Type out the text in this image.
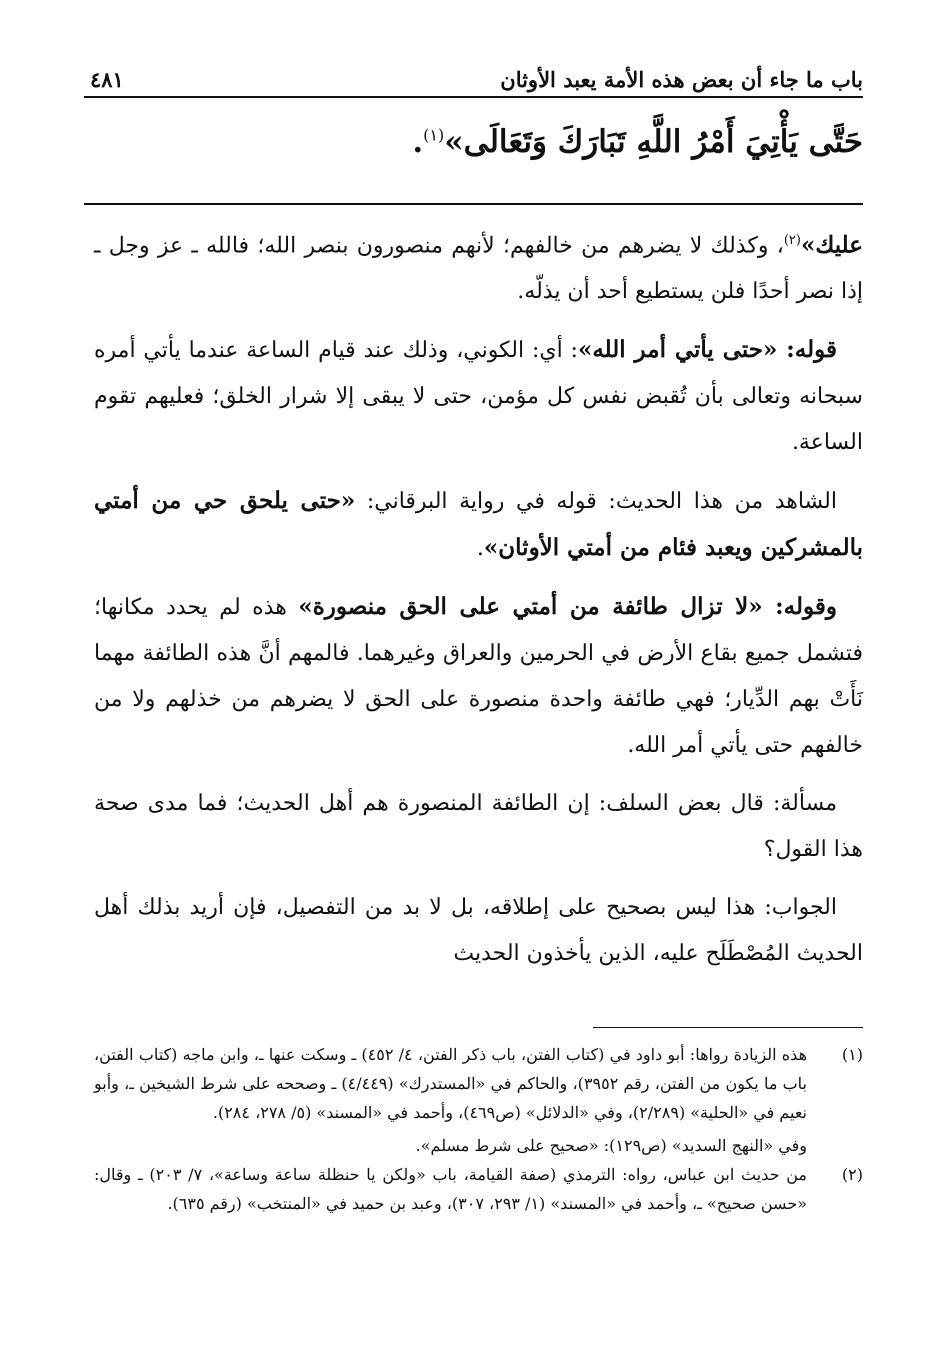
باب ما جاء أن بعض هذه الأمة يعبد الأوثان
٤٨١
حَتَّى يَأْتِيَ أَمْرُ اللَّهِ تَبَارَكَ وَتَعَالَى»$^{(١)}$.

عليك»$^{(٢)}$، وكذلك لا يضرهم من خالفهم؛ لأنهم منصورون بنصر الله؛ فالله ـ عز وجل ـ إذا نصر أحدًا فلن يستطيع أحد أن يذلّه.

قوله: «حتى يأتي أمر الله»: أي: الكوني، وذلك عند قيام الساعة عندما يأتي أمره سبحانه وتعالى بأن تُقبض نفس كل مؤمن، حتى لا يبقى إلا شرار الخلق؛ فعليهم تقوم الساعة.

الشاهد من هذا الحديث: قوله في رواية البرقاني: «حتى يلحق حي من أمتي بالمشركين ويعبد فئام من أمتي الأوثان».

وقوله: «لا تزال طائفة من أمتي على الحق منصورة» هذه لم يحدد مكانها؛ فتشمل جميع بقاع الأرض في الحرمين والعراق وغيرهما. فالمهم أنَّ هذه الطائفة مهما نَأَتْ بهم الدِّيار؛ فهي طائفة واحدة منصورة على الحق لا يضرهم من خذلهم ولا من خالفهم حتى يأتي أمر الله.

مسألة: قال بعض السلف: إن الطائفة المنصورة هم أهل الحديث؛ فما مدى صحة هذا القول؟

الجواب: هذا ليس بصحيح على إطلاقه، بل لا بد من التفصيل، فإن أريد بذلك أهل الحديث المُصْطَلَح عليه، الذين يأخذون الحديث

(١)
هذه الزيادة رواها: أبو داود في (كتاب الفتن، باب ذكر الفتن، ٤/ ٤٥٢) ـ وسكت عنها ـ، وابن ماجه (كتاب الفتن، باب ما يكون من الفتن، رقم ٣٩٥٢)، والحاكم في «المستدرك» (٤/٤٤٩) ـ وصححه على شرط الشيخين ـ، وأبو نعيم في «الحلية» (٢/٢٨٩)، وفي «الدلائل» (ص٤٦٩)، وأحمد في «المسند» (٥/ ٢٧٨، ٢٨٤).
وفي «النهج السديد» (ص١٢٩): «صحيح على شرط مسلم».
(٢)
من حديث ابن عباس، رواه: الترمذي (صفة القيامة، باب «ولكن يا حنظلة ساعة وساعة»، ٧/ ٢٠٣) ـ وقال: «حسن صحيح» ـ، وأحمد في «المسند» (١/ ٢٩٣، ٣٠٧)، وعبد بن حميد في «المنتخب» (رقم ٦٣٥).
